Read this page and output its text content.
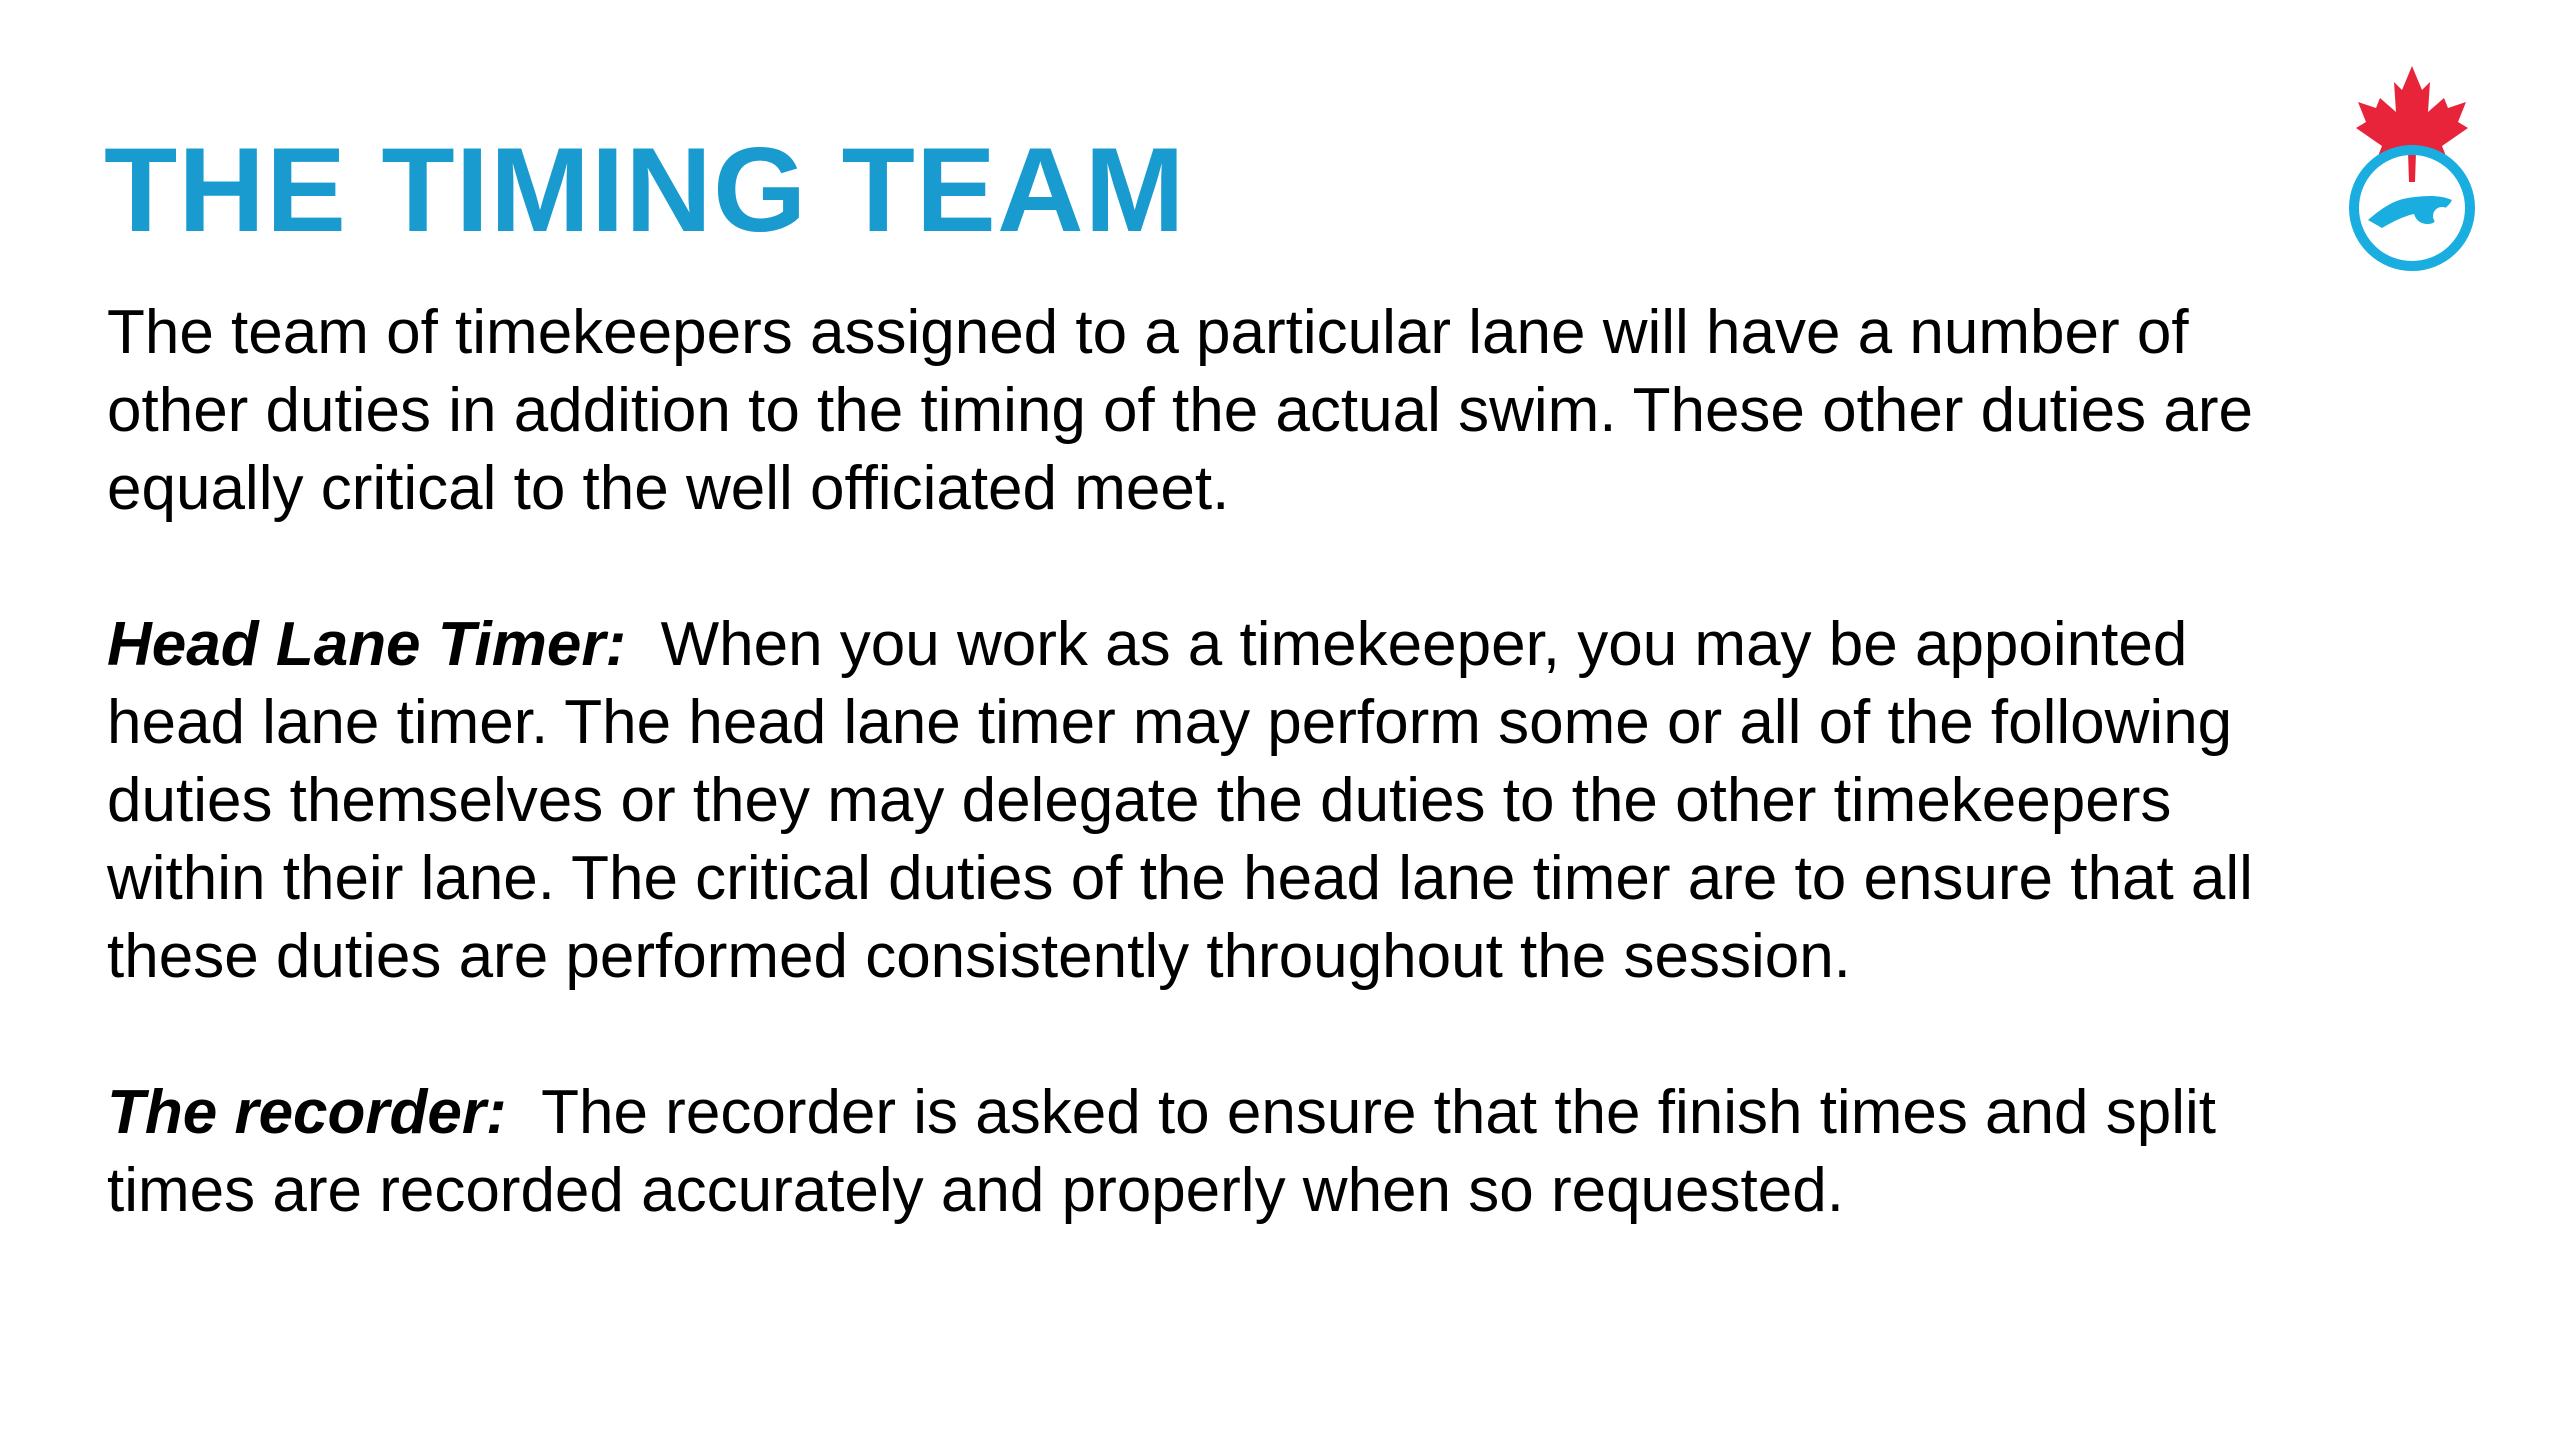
THE TIMING TEAM

The team of timekeepers assigned to a particular lane will have a number of other duties in addition to the timing of the actual swim. These other duties are equally critical to the well officiated meet.

Head Lane Timer: When you work as a timekeeper, you may be appointed head lane timer. The head lane timer may perform some or all of the following duties themselves or they may delegate the duties to the other timekeepers within their lane. The critical duties of the head lane timer are to ensure that all these duties are performed consistently throughout the session.

The recorder: The recorder is asked to ensure that the finish times and split times are recorded accurately and properly when so requested.
